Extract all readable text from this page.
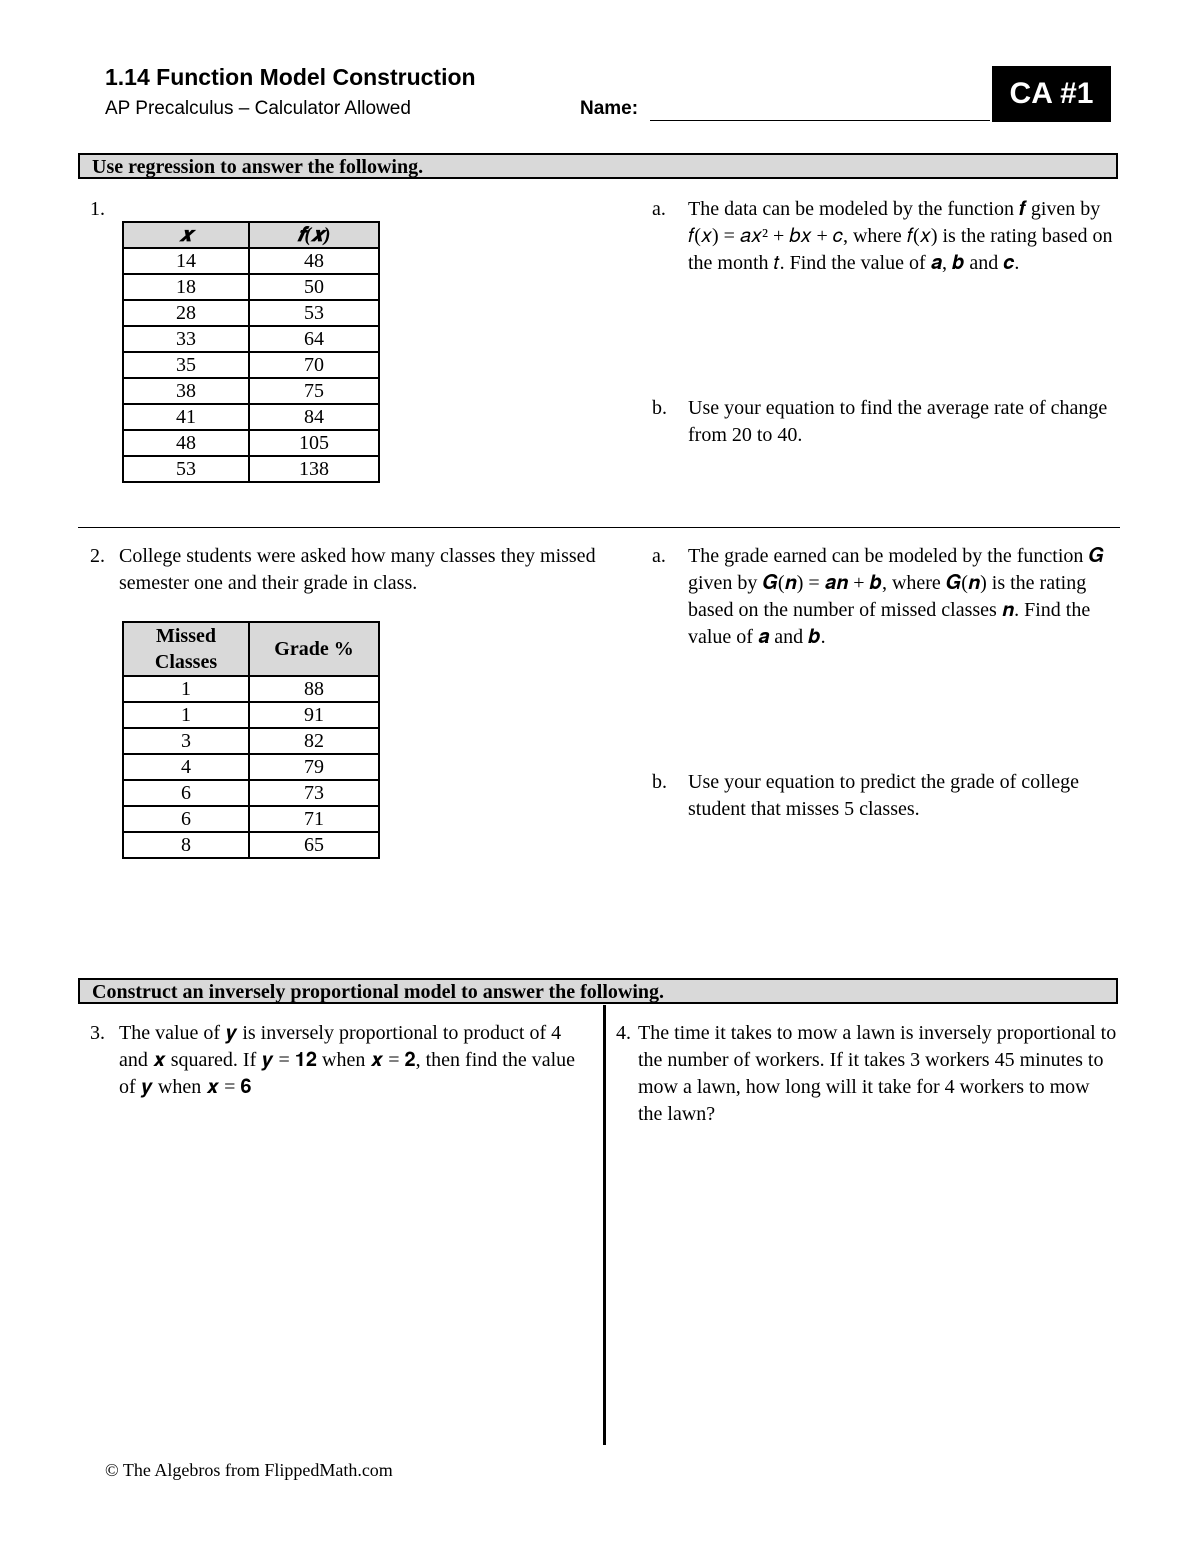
1.14 Function Model Construction
AP Precalculus – Calculator Allowed	Name:	CA #1
Use regression to answer the following.
1.
𝒙	𝒇(𝒙)
14	48
18	50
28	53
33	64
35	70
38	75
41	84
48	105
53	138
a. The data can be modeled by the function 𝒇 given by 𝑓(𝑥) = 𝑎𝑥² + 𝑏𝑥 + 𝑐, where 𝑓(𝑥) is the rating based on the month 𝑡. Find the value of 𝒂, 𝒃 and 𝒄.
b. Use your equation to find the average rate of change from 20 to 40.
2. College students were asked how many classes they missed semester one and their grade in class.
Missed Classes	Grade %
1	88
1	91
3	82
4	79
6	73
6	71
8	65
a. The grade earned can be modeled by the function 𝑮 given by 𝑮(𝒏) = 𝒂𝒏 + 𝒃, where 𝑮(𝒏) is the rating based on the number of missed classes 𝒏. Find the value of 𝒂 and 𝒃.
b. Use your equation to predict the grade of college student that misses 5 classes.
Construct an inversely proportional model to answer the following.
3. The value of 𝒚 is inversely proportional to product of 4 and 𝒙 squared. If 𝒚 = 𝟏𝟐 when 𝒙 = 𝟐, then find the value of 𝒚 when 𝒙 = 𝟔
4. The time it takes to mow a lawn is inversely proportional to the number of workers. If it takes 3 workers 45 minutes to mow a lawn, how long will it take for 4 workers to mow the lawn?
© The Algebros from FlippedMath.com
